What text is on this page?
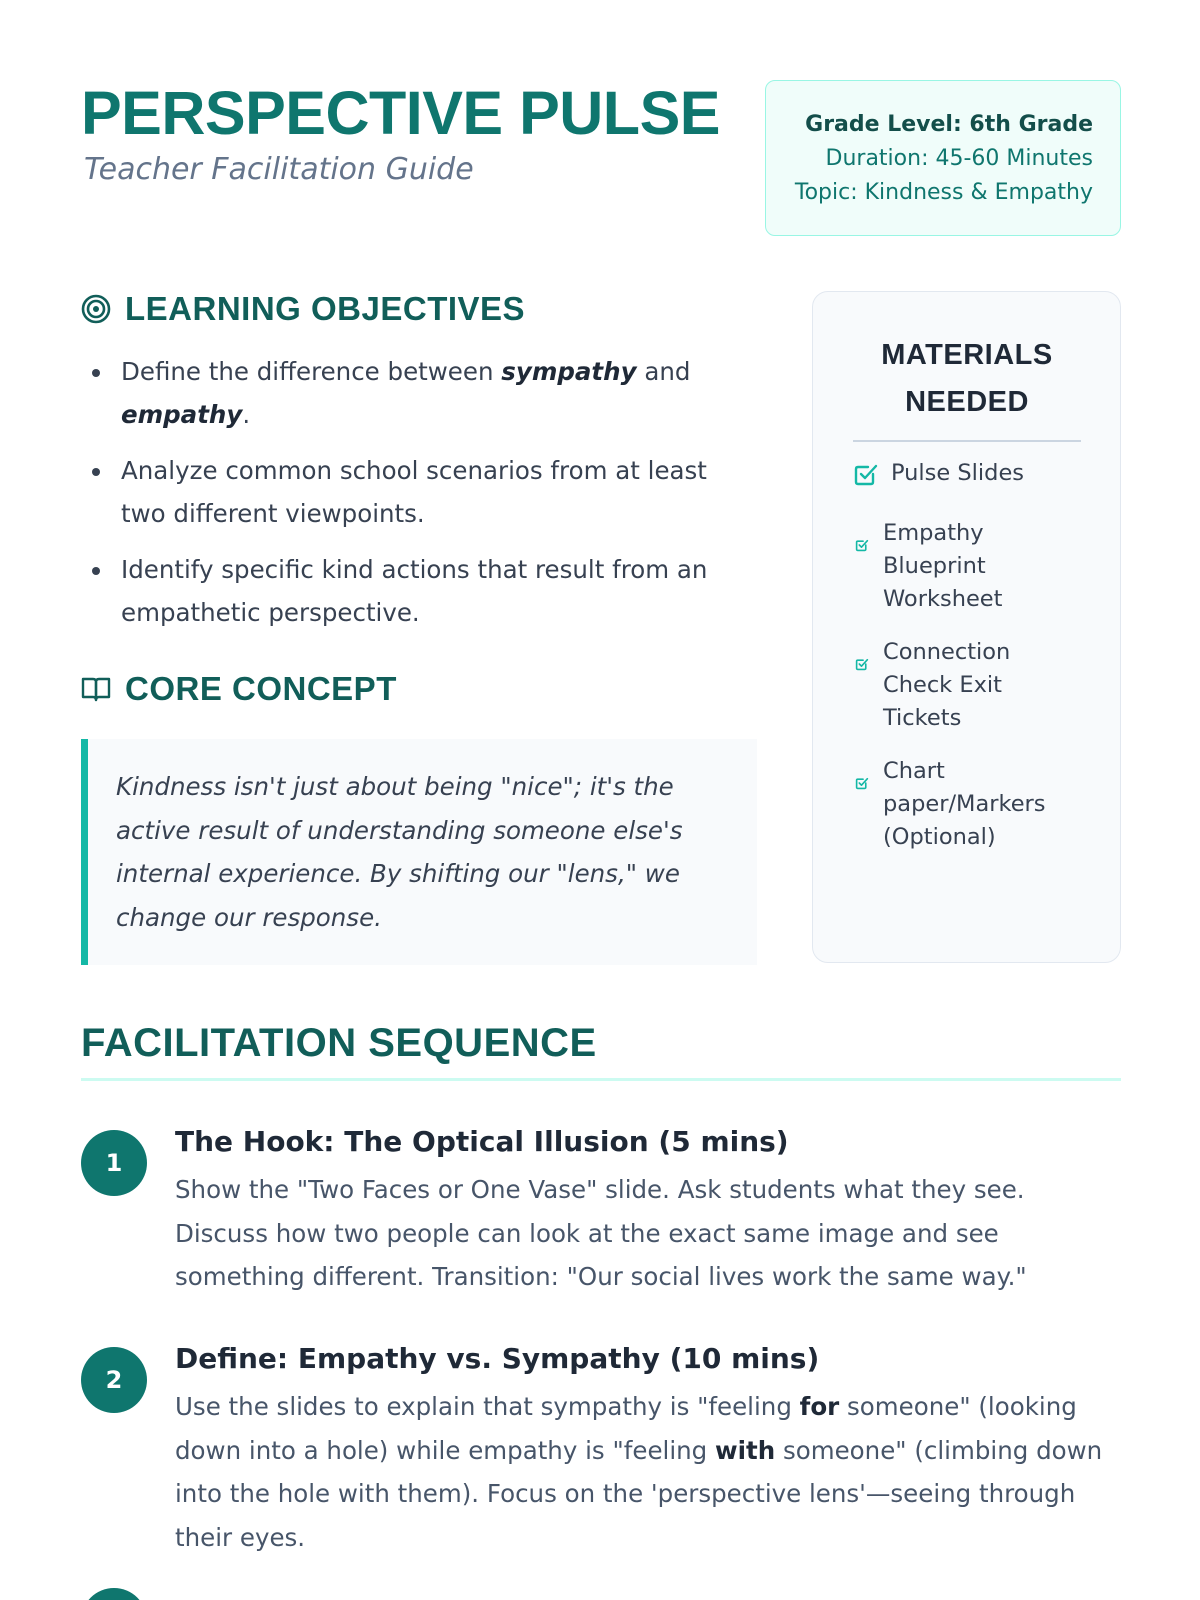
PERSPECTIVE PULSE
Teacher Facilitation Guide
Grade Level: 6th Grade
Duration: 45-60 Minutes
Topic: Kindness & Empathy
LEARNING OBJECTIVES
Define the difference between sympathy and empathy.
Analyze common school scenarios from at least two different viewpoints.
Identify specific kind actions that result from an empathetic perspective.
CORE CONCEPT

Kindness isn't just about being "nice"; it's the active result of understanding someone else's internal experience. By shifting our "lens," we change our response.

MATERIALS NEEDED
Pulse Slides
Empathy Blueprint Worksheet
Connection Check Exit Tickets
Chart paper/Markers (Optional)
FACILITATION SEQUENCE
1
The Hook: The Optical Illusion (5 mins)
Show the "Two Faces or One Vase" slide. Ask students what they see. Discuss how two people can look at the exact same image and see something different. Transition: "Our social lives work the same way."
2
Define: Empathy vs. Sympathy (10 mins)
Use the slides to explain that sympathy is "feeling for someone" (looking down into a hole) while empathy is "feeling with someone" (climbing down into the hole with them). Focus on the 'perspective lens'—seeing through their eyes.
